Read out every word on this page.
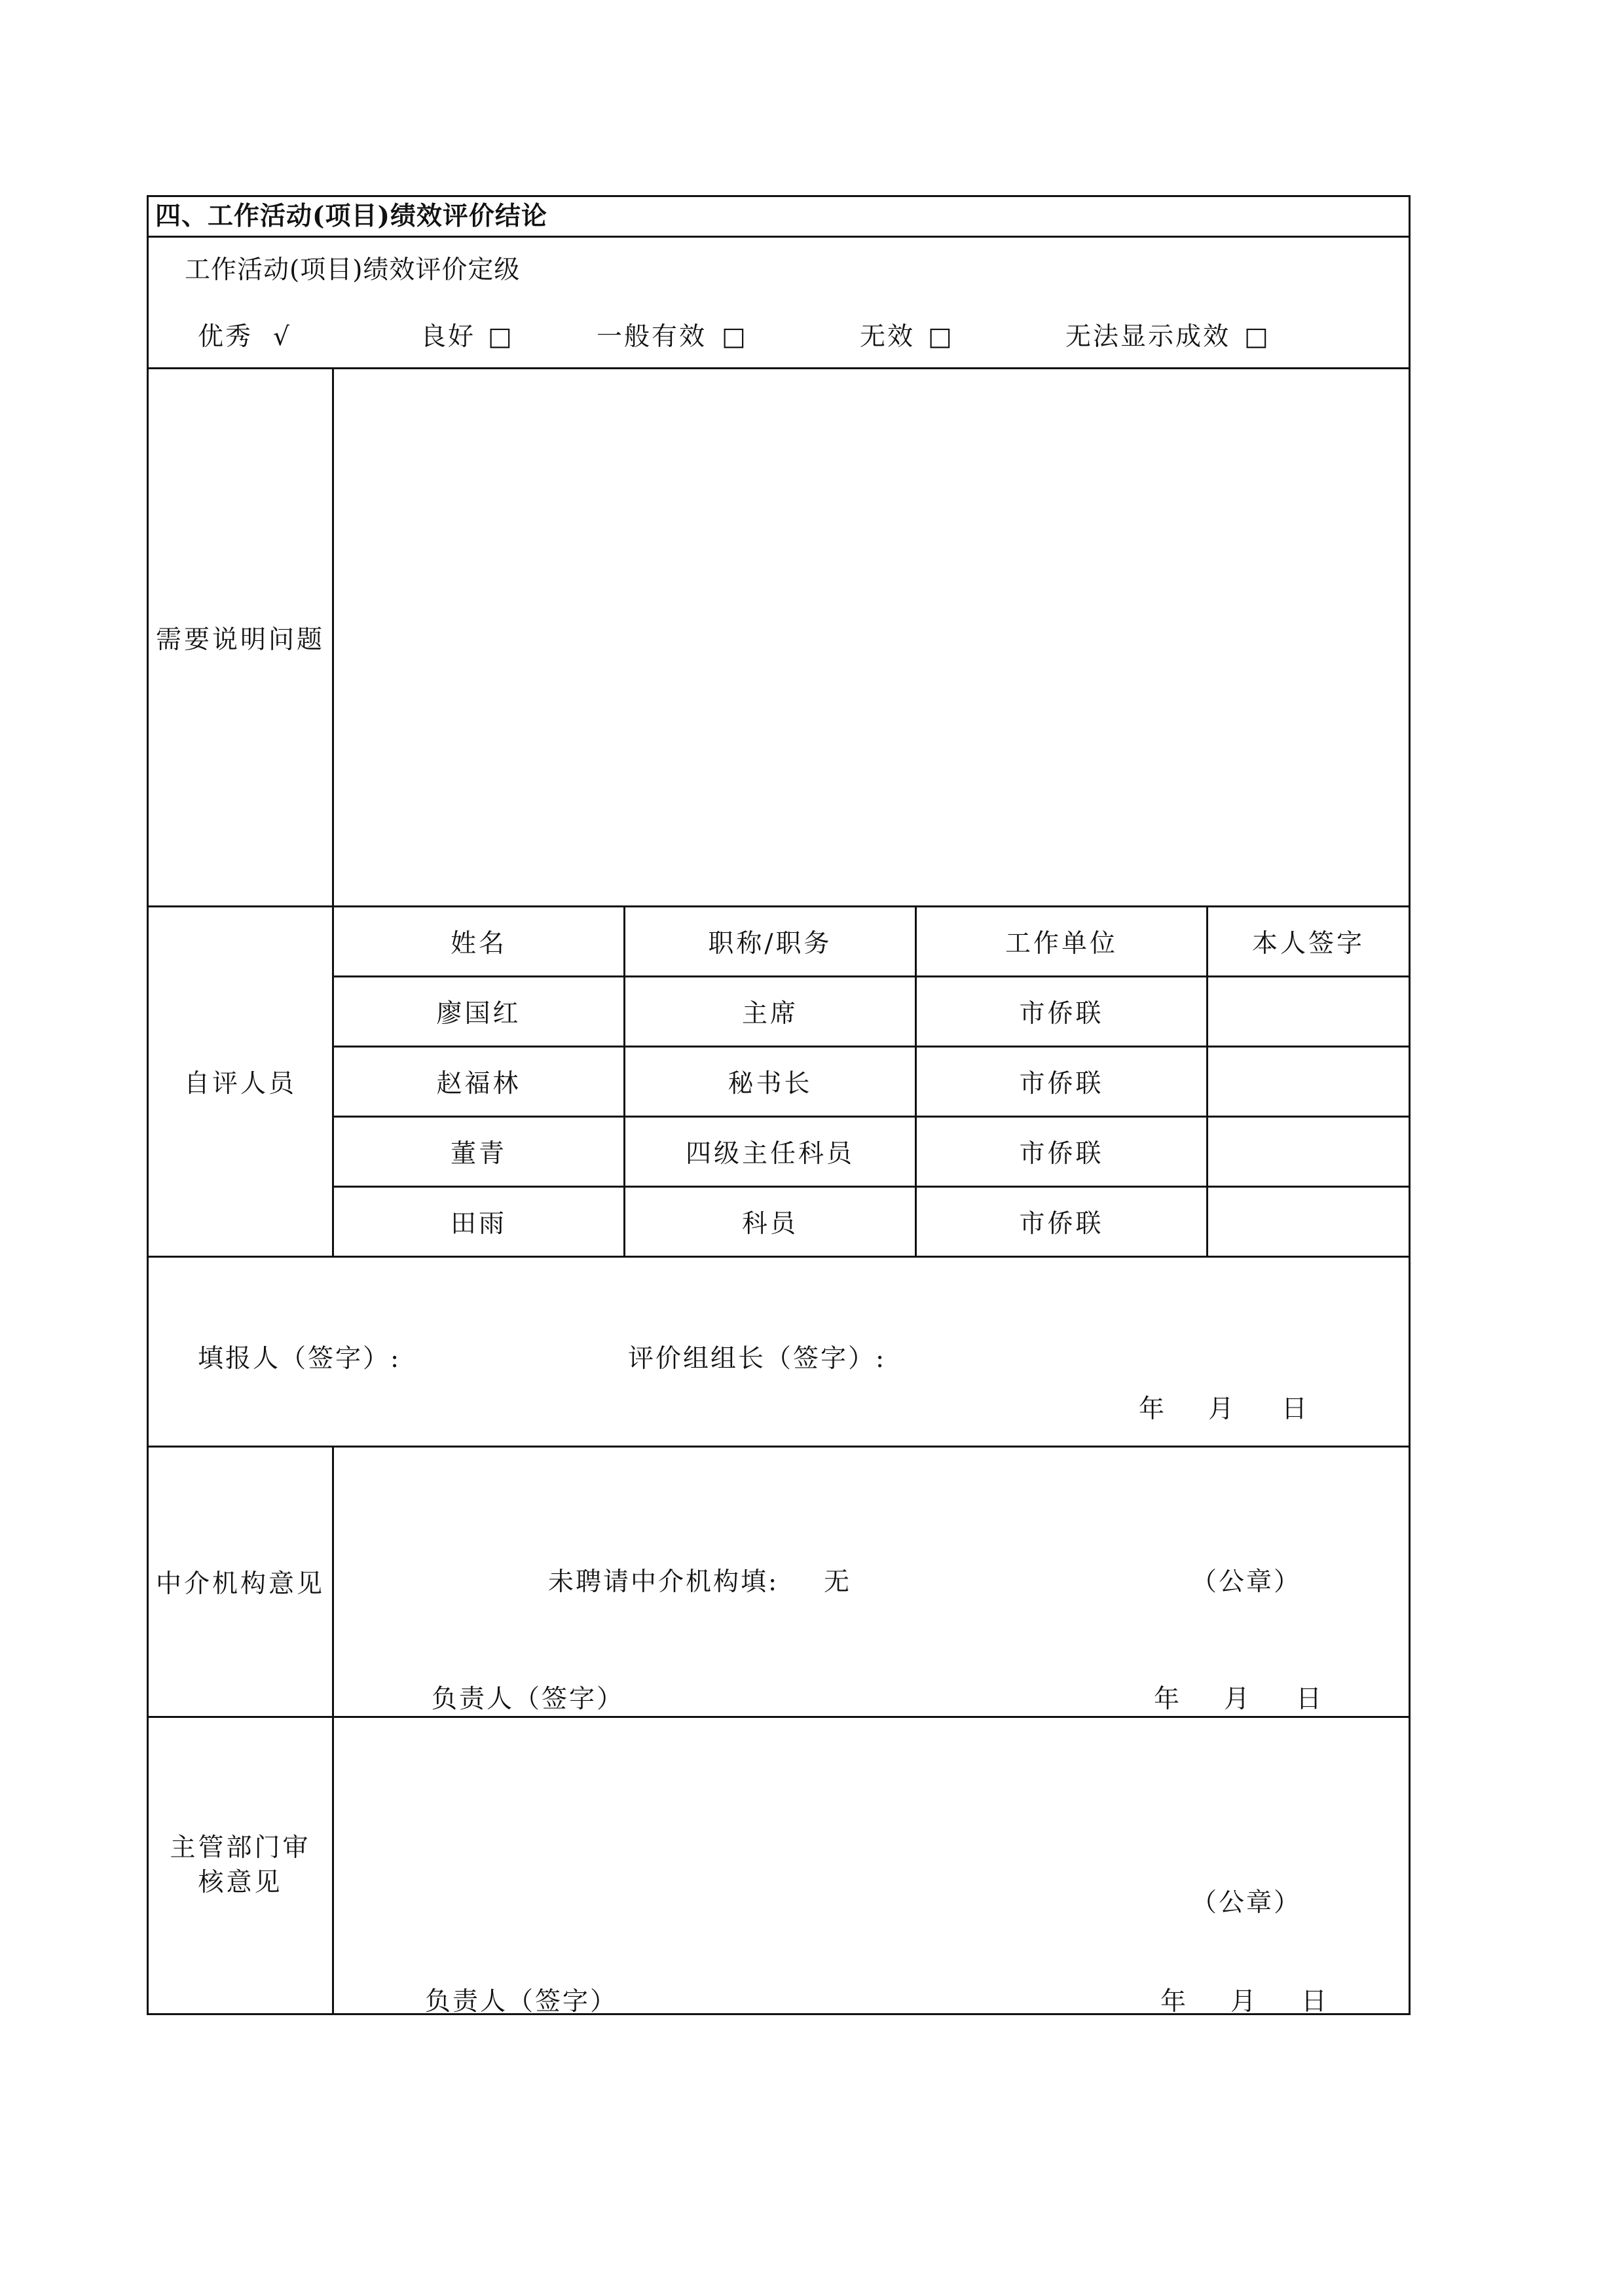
四、工作活动(项目)绩效评价结论
工作活动(项目)绩效评价定级
优秀 √	良好 □	一般有效 □	无效 □	无法显示成效 □
需要说明问题
自评人员
姓名	职称/职务	工作单位	本人签字
廖国红	主席	市侨联
赵福林	秘书长	市侨联
董青	四级主任科员	市侨联
田雨	科员	市侨联
填报人（签字）:	评价组组长（签字）:
年 月 日
中介机构意见	未聘请中介机构填: 无	（公章）
负责人（签字）	年 月 日
主管部门审核意见
（公章）
负责人（签字）	年 月 日
